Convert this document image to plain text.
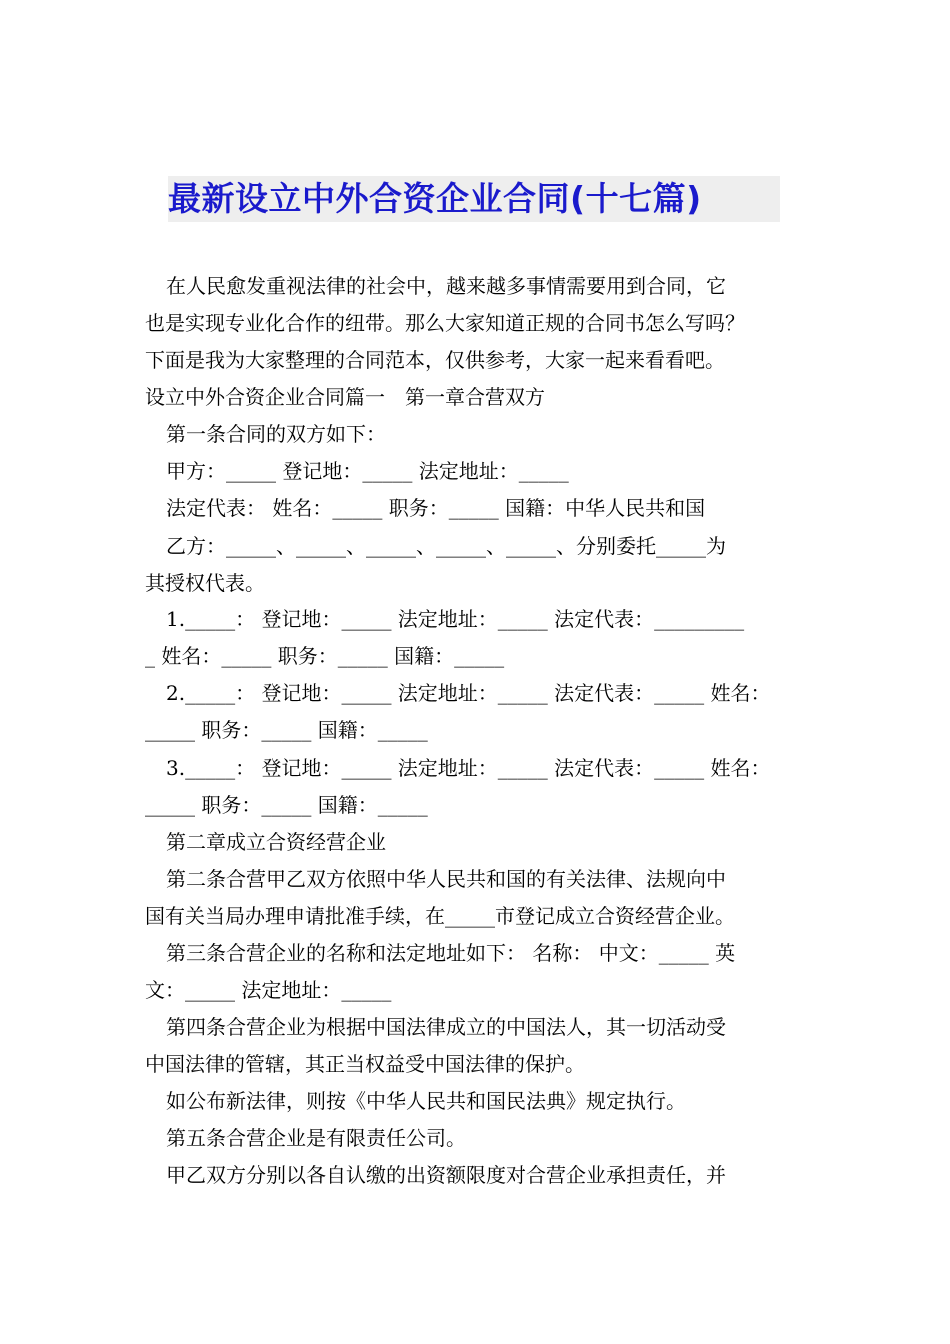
最新设立中外合资企业合同(十七篇)
在人民愈发重视法律的社会中，越来越多事情需要用到合同，它
也是实现专业化合作的纽带。那么大家知道正规的合同书怎么写吗？
下面是我为大家整理的合同范本，仅供参考，大家一起来看看吧。
设立中外合资企业合同篇一　第一章合营双方
第一条合同的双方如下：
甲方：_____ 登记地：_____ 法定地址：_____
法定代表： 姓名：_____ 职务：_____ 国籍：中华人民共和国
乙方：_____、_____、_____、_____、_____、分别委托_____为
其授权代表。
1._____： 登记地：_____ 法定地址：_____ 法定代表：_________
_ 姓名：_____ 职务：_____ 国籍：_____
2._____： 登记地：_____ 法定地址：_____ 法定代表：_____ 姓名：
_____ 职务：_____ 国籍：_____
3._____： 登记地：_____ 法定地址：_____ 法定代表：_____ 姓名：
_____ 职务：_____ 国籍：_____
第二章成立合资经营企业
第二条合营甲乙双方依照中华人民共和国的有关法律、法规向中
国有关当局办理申请批准手续，在_____市登记成立合资经营企业。
第三条合营企业的名称和法定地址如下： 名称： 中文：_____ 英
文：_____ 法定地址：_____
第四条合营企业为根据中国法律成立的中国法人，其一切活动受
中国法律的管辖，其正当权益受中国法律的保护。
如公布新法律，则按《中华人民共和国民法典》规定执行。
第五条合营企业是有限责任公司。
甲乙双方分别以各自认缴的出资额限度对合营企业承担责任，并
